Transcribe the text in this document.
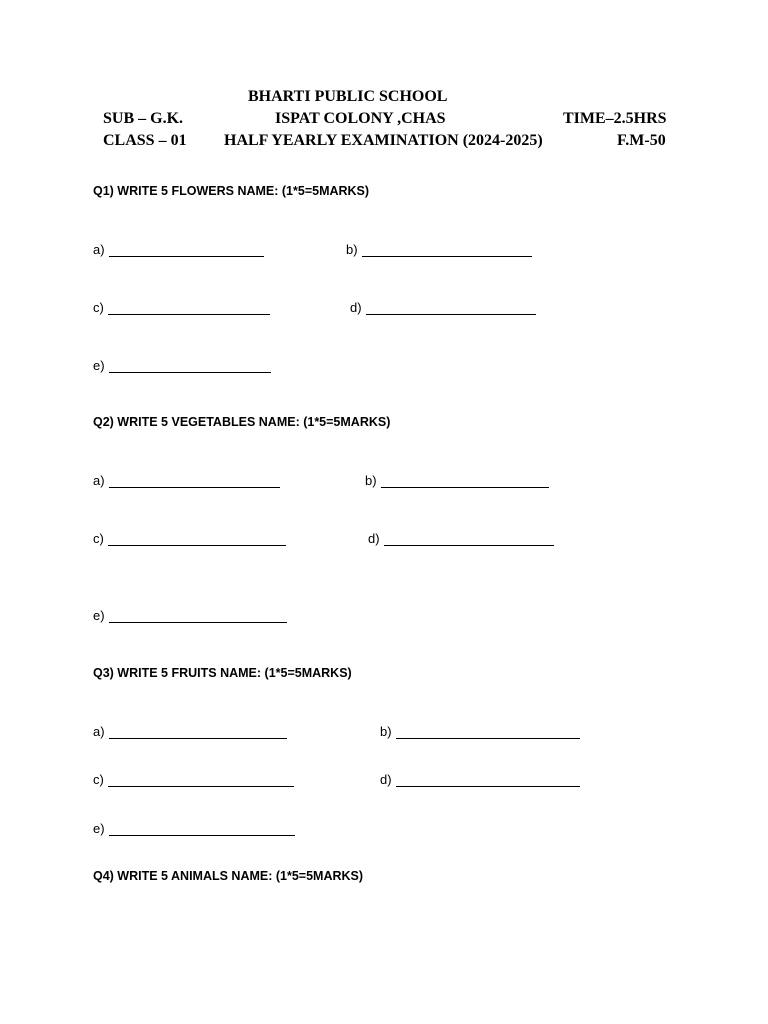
BHARTI PUBLIC SCHOOL
SUB – G.K.	ISPAT COLONY ,CHAS	TIME–2.5HRS
CLASS – 01 HALF YEARLY EXAMINATION (2024-2025)	F.M-50
Q1) WRITE 5 FLOWERS NAME: (1*5=5MARKS)
a)	b)
c)	d)
e)
Q2) WRITE 5 VEGETABLES NAME: (1*5=5MARKS)
a)	b)
c)	d)
e)
Q3) WRITE 5 FRUITS NAME: (1*5=5MARKS)
a)	b)
c)	d)
e)
Q4) WRITE 5 ANIMALS NAME: (1*5=5MARKS)
